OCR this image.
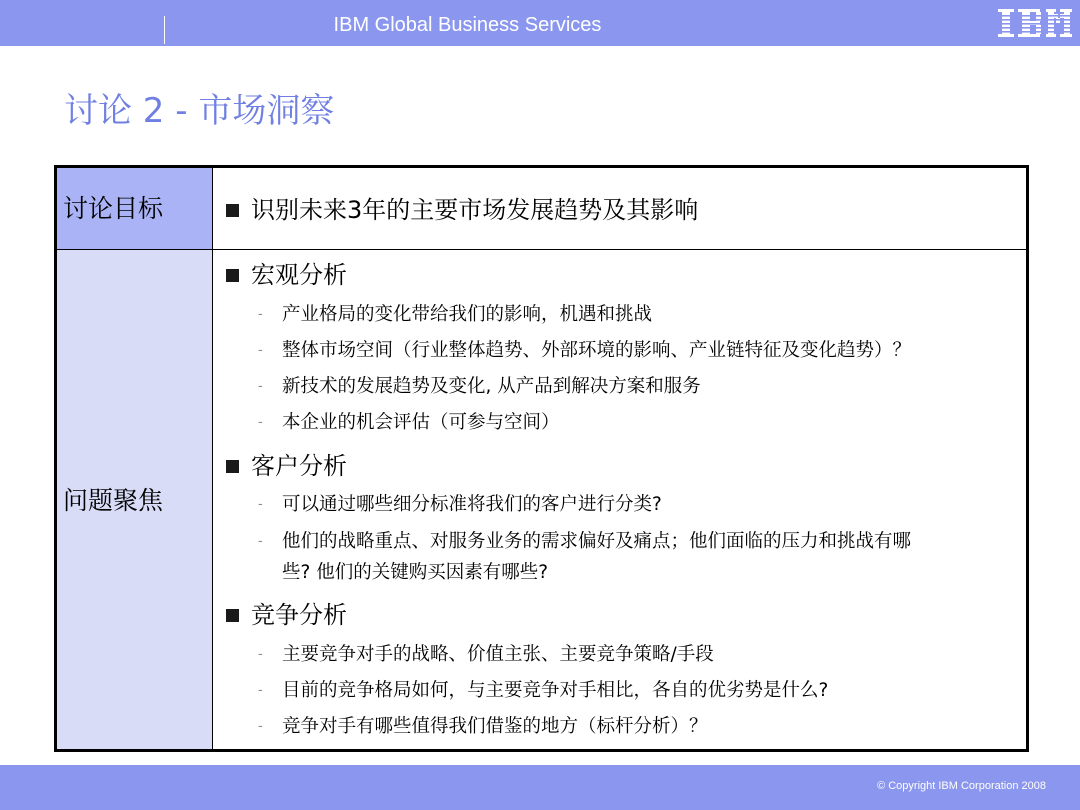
IBM Global Business Services
讨论 2 - 市场洞察
讨论目标
问题聚焦
识别未来3年的主要市场发展趋势及其影响
宏观分析
- 产业格局的变化带给我们的影响，机遇和挑战
- 整体市场空间（行业整体趋势、外部环境的影响、产业链特征及变化趋势）？
- 新技术的发展趋势及变化, 从产品到解决方案和服务
- 本企业的机会评估（可参与空间）
客户分析
- 可以通过哪些细分标准将我们的客户进行分类?
- 他们的战略重点、对服务业务的需求偏好及痛点；他们面临的压力和挑战有哪
些? 他们的关键购买因素有哪些?
竞争分析
- 主要竞争对手的战略、价值主张、主要竞争策略/手段
- 目前的竞争格局如何，与主要竞争对手相比，各自的优劣势是什么?
- 竞争对手有哪些值得我们借鉴的地方（标杆分析）？
© Copyright IBM Corporation 2008
